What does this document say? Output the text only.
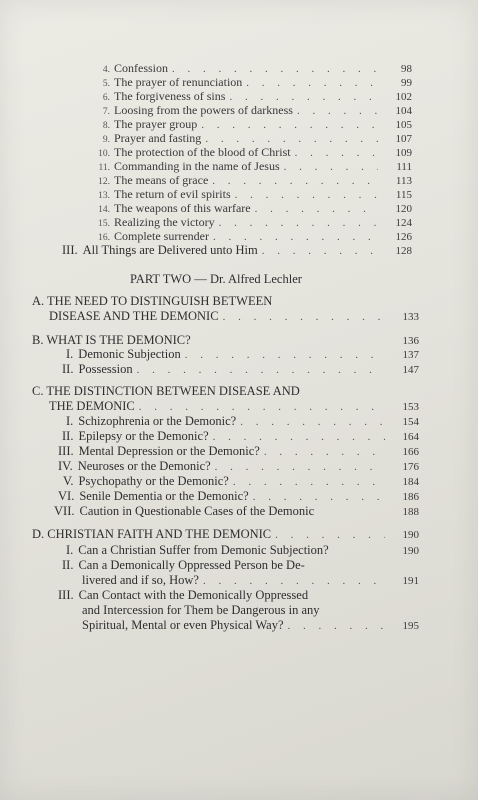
4. Confession . . .	98
5. The prayer of renunciation . . .	99
6. The forgiveness of sins . . .	102
7. Loosing from the powers of darkness . . .	104
8. The prayer group . . .	105
9. Prayer and fasting . . .	107
10. The protection of the blood of Christ . . .	109
11. Commanding in the name of Jesus . . .	111
12. The means of grace . . .	113
13. The return of evil spirits . . .	115
14. The weapons of this warfare . . .	120
15. Realizing the victory . . .	124
16. Complete surrender . . .	126
III. All Things are Delivered unto Him . . .	128
PART TWO — Dr. Alfred Lechler
A. THE NEED TO DISTINGUISH BETWEEN
DISEASE AND THE DEMONIC . . .	133
B. WHAT IS THE DEMONIC?	136
I. Demonic Subjection . . .	137
II. Possession . . .	147
C. THE DISTINCTION BETWEEN DISEASE AND
THE DEMONIC . . .	153
I. Schizophrenia or the Demonic? . . .	154
II. Epilepsy or the Demonic? . . .	164
III. Mental Depression or the Demonic? . . .	166
IV. Neuroses or the Demonic? . . .	176
V. Psychopathy or the Demonic? . . .	184
VI. Senile Dementia or the Demonic? . . .	186
VII. Caution in Questionable Cases of the Demonic	188
D. CHRISTIAN FAITH AND THE DEMONIC . . .	190
I. Can a Christian Suffer from Demonic Subjection?	190
II. Can a Demonically Oppressed Person be De-
livered and if so, How? . . .	191
III. Can Contact with the Demonically Oppressed
and Intercession for Them be Dangerous in any
Spiritual, Mental or even Physical Way? . . .	195
